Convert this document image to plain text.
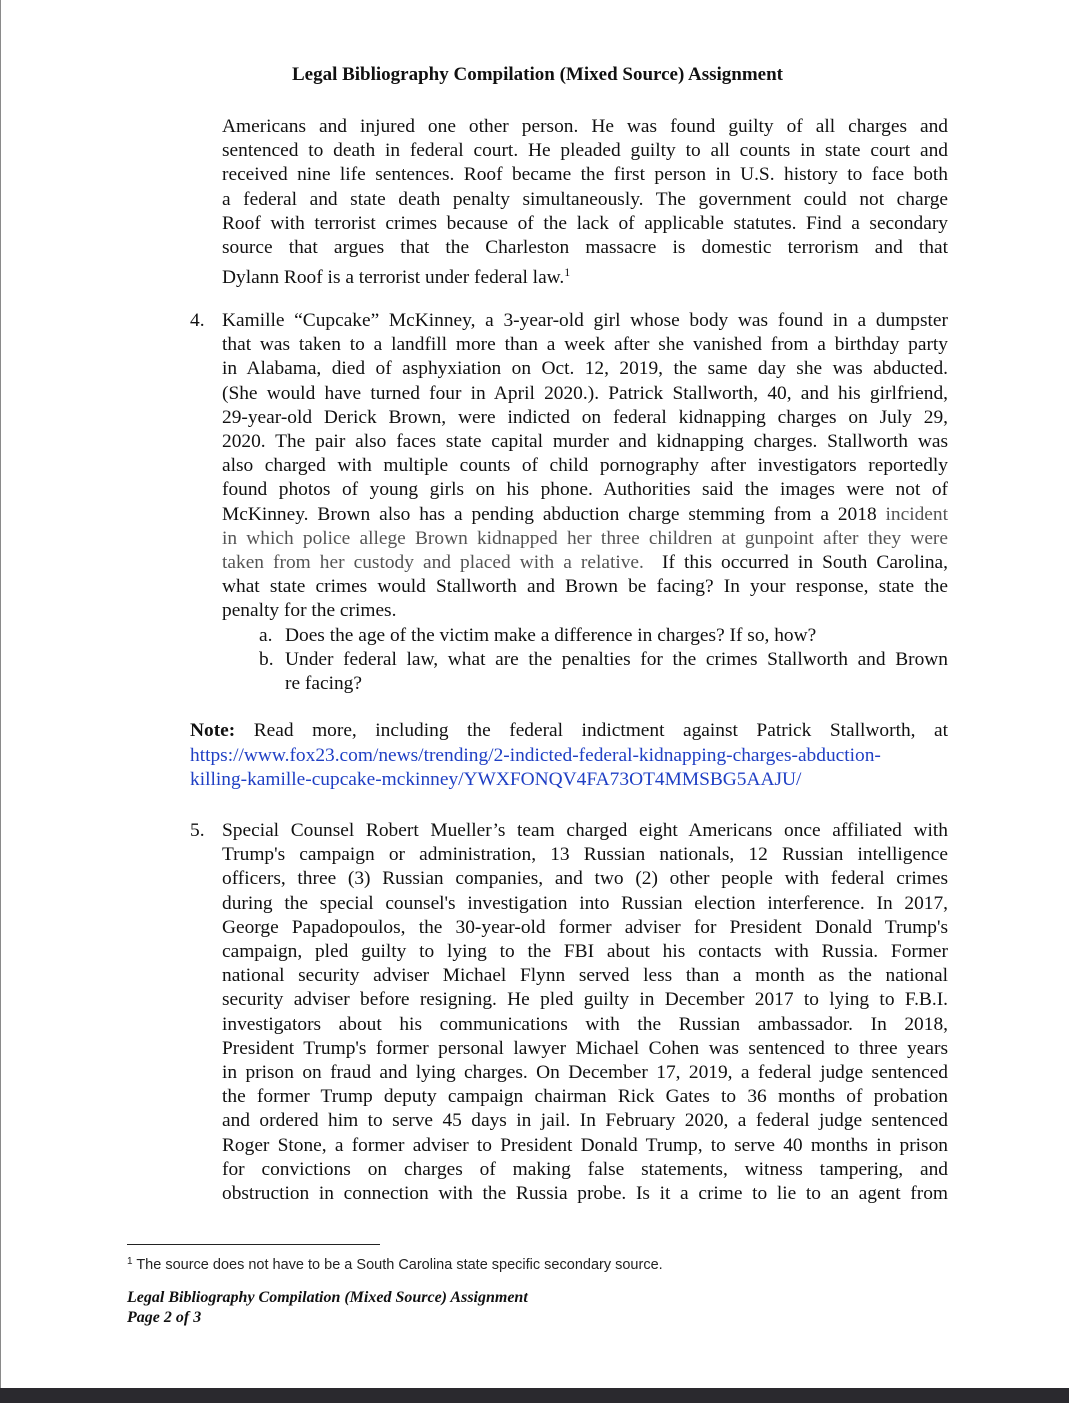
Legal Bibliography Compilation (Mixed Source) Assignment
Americans and injured one other person. He was found guilty of all charges and
sentenced to death in federal court. He pleaded guilty to all counts in state court and
received nine life sentences. Roof became the first person in U.S. history to face both
a federal and state death penalty simultaneously. The government could not charge
Roof with terrorist crimes because of the lack of applicable statutes. Find a secondary
source that argues that the Charleston massacre is domestic terrorism and that
Dylann Roof is a terrorist under federal law.$^1$
4. Kamille “Cupcake” McKinney, a 3-year-old girl whose body was found in a dumpster
that was taken to a landfill more than a week after she vanished from a birthday party
in Alabama, died of asphyxiation on Oct. 12, 2019, the same day she was abducted.
(She would have turned four in April 2020.). Patrick Stallworth, 40, and his girlfriend,
29-year-old Derick Brown, were indicted on federal kidnapping charges on July 29,
2020. The pair also faces state capital murder and kidnapping charges. Stallworth was
also charged with multiple counts of child pornography after investigators reportedly
found photos of young girls on his phone. Authorities said the images were not of
McKinney. Brown also has a pending abduction charge stemming from a 2018 incident
in which police allege Brown kidnapped her three children at gunpoint after they were
taken from her custody and placed with a relative.  If this occurred in South Carolina,
what state crimes would Stallworth and Brown be facing? In your response, state the
penalty for the crimes.
a. Does the age of the victim make a difference in charges? If so, how?
b. Under federal law, what are the penalties for the crimes Stallworth and Brown
re facing?
Note: Read more, including the federal indictment against Patrick Stallworth, at
https://www.fox23.com/news/trending/2-indicted-federal-kidnapping-charges-abduction-
killing-kamille-cupcake-mckinney/YWXFONQV4FA73OT4MMSBG5AAJU/
5. Special Counsel Robert Mueller’s team charged eight Americans once affiliated with
Trump's campaign or administration, 13 Russian nationals, 12 Russian intelligence
officers, three (3) Russian companies, and two (2) other people with federal crimes
during the special counsel's investigation into Russian election interference. In 2017,
George Papadopoulos, the 30-year-old former adviser for President Donald Trump's
campaign, pled guilty to lying to the FBI about his contacts with Russia. Former
national security adviser Michael Flynn served less than a month as the national
security adviser before resigning. He pled guilty in December 2017 to lying to F.B.I.
investigators about his communications with the Russian ambassador. In 2018,
President Trump's former personal lawyer Michael Cohen was sentenced to three years
in prison on fraud and lying charges. On December 17, 2019, a federal judge sentenced
the former Trump deputy campaign chairman Rick Gates to 36 months of probation
and ordered him to serve 45 days in jail. In February 2020, a federal judge sentenced
Roger Stone, a former adviser to President Donald Trump, to serve 40 months in prison
for convictions on charges of making false statements, witness tampering, and
obstruction in connection with the Russia probe. Is it a crime to lie to an agent from
$^1$ The source does not have to be a South Carolina state specific secondary source.
Legal Bibliography Compilation (Mixed Source) Assignment
Page 2 of 3
